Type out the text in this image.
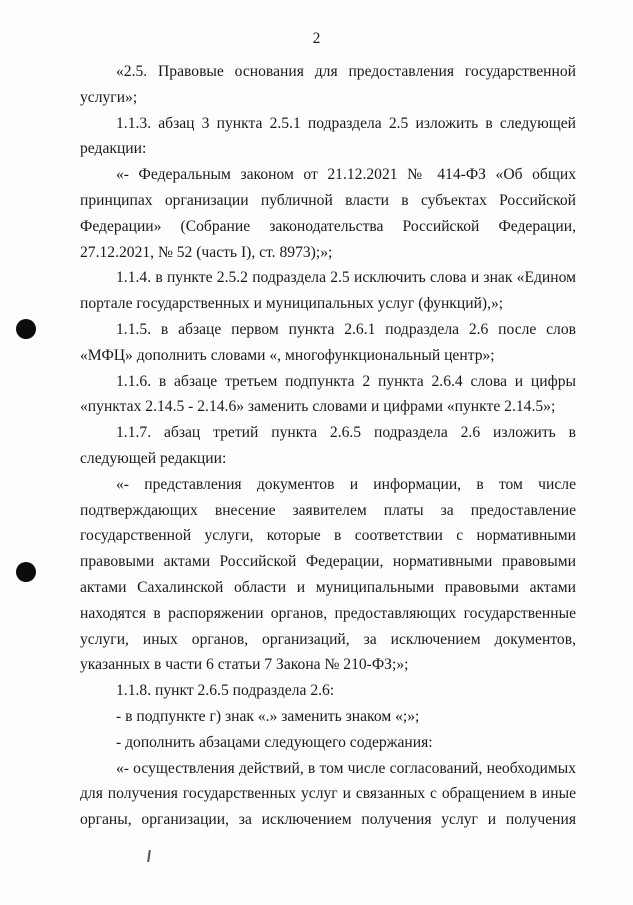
2

«2.5. Правовые основания для предоставления государственной услуги»;

1.1.3. абзац 3 пункта 2.5.1 подраздела 2.5 изложить в следующей редакции:

«- Федеральным законом от 21.12.2021 № 414-ФЗ «Об общих принципах организации публичной власти в субъектах Российской Федерации» (Собрание законодательства Российской Федерации, 27.12.2021, № 52 (часть I), ст. 8973);»;

1.1.4. в пункте 2.5.2 подраздела 2.5 исключить слова и знак «Едином портале государственных и муниципальных услуг (функций),»;

1.1.5. в абзаце первом пункта 2.6.1 подраздела 2.6 после слов «МФЦ» дополнить словами «, многофункциональный центр»;

1.1.6. в абзаце третьем подпункта 2 пункта 2.6.4 слова и цифры «пунктах 2.14.5 - 2.14.6» заменить словами и цифрами «пункте 2.14.5»;

1.1.7. абзац третий пункта 2.6.5 подраздела 2.6 изложить в следующей редакции:

«- представления документов и информации, в том числе подтверждающих внесение заявителем платы за предоставление государственной услуги, которые в соответствии с нормативными правовыми актами Российской Федерации, нормативными правовыми актами Сахалинской области и муниципальными правовыми актами находятся в распоряжении органов, предоставляющих государственные услуги, иных органов, организаций, за исключением документов, указанных в части 6 статьи 7 Закона № 210-ФЗ;»;

1.1.8. пункт 2.6.5 подраздела 2.6:

- в подпункте г) знак «.» заменить знаком «;»;

- дополнить абзацами следующего содержания:

«- осуществления действий, в том числе согласований, необходимых для получения государственных услуг и связанных с обращением в иные органы, организации, за исключением получения услуг и получения
